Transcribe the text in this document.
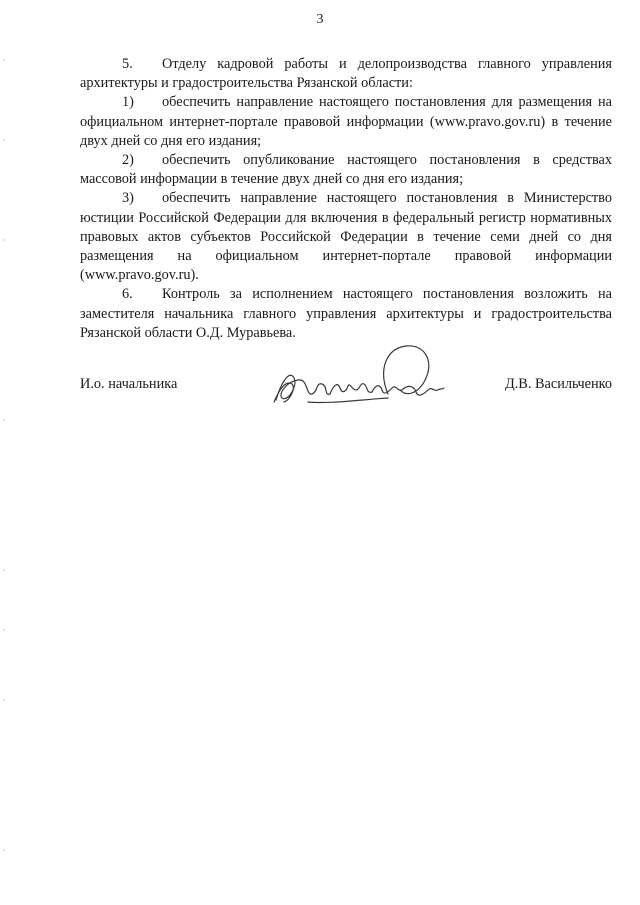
3

5. Отделу кадровой работы и делопроизводства главного управления архитектуры и градостроительства Рязанской области:

1) обеспечить направление настоящего постановления для размещения на официальном интернет-портале правовой информации (www.pravo.gov.ru) в течение двух дней со дня его издания;

2) обеспечить опубликование настоящего постановления в средствах массовой информации в течение двух дней со дня его издания;

3) обеспечить направление настоящего постановления в Министерство юстиции Российской Федерации для включения в федеральный регистр нормативных правовых актов субъектов Российской Федерации в течение семи дней со дня размещения на официальном интернет-портале правовой информации (www.pravo.gov.ru).

6. Контроль за исполнением настоящего постановления возложить на заместителя начальника главного управления архитектуры и градостроительства Рязанской области О.Д. Муравьева.

И.о. начальника	Д.В. Васильченко
